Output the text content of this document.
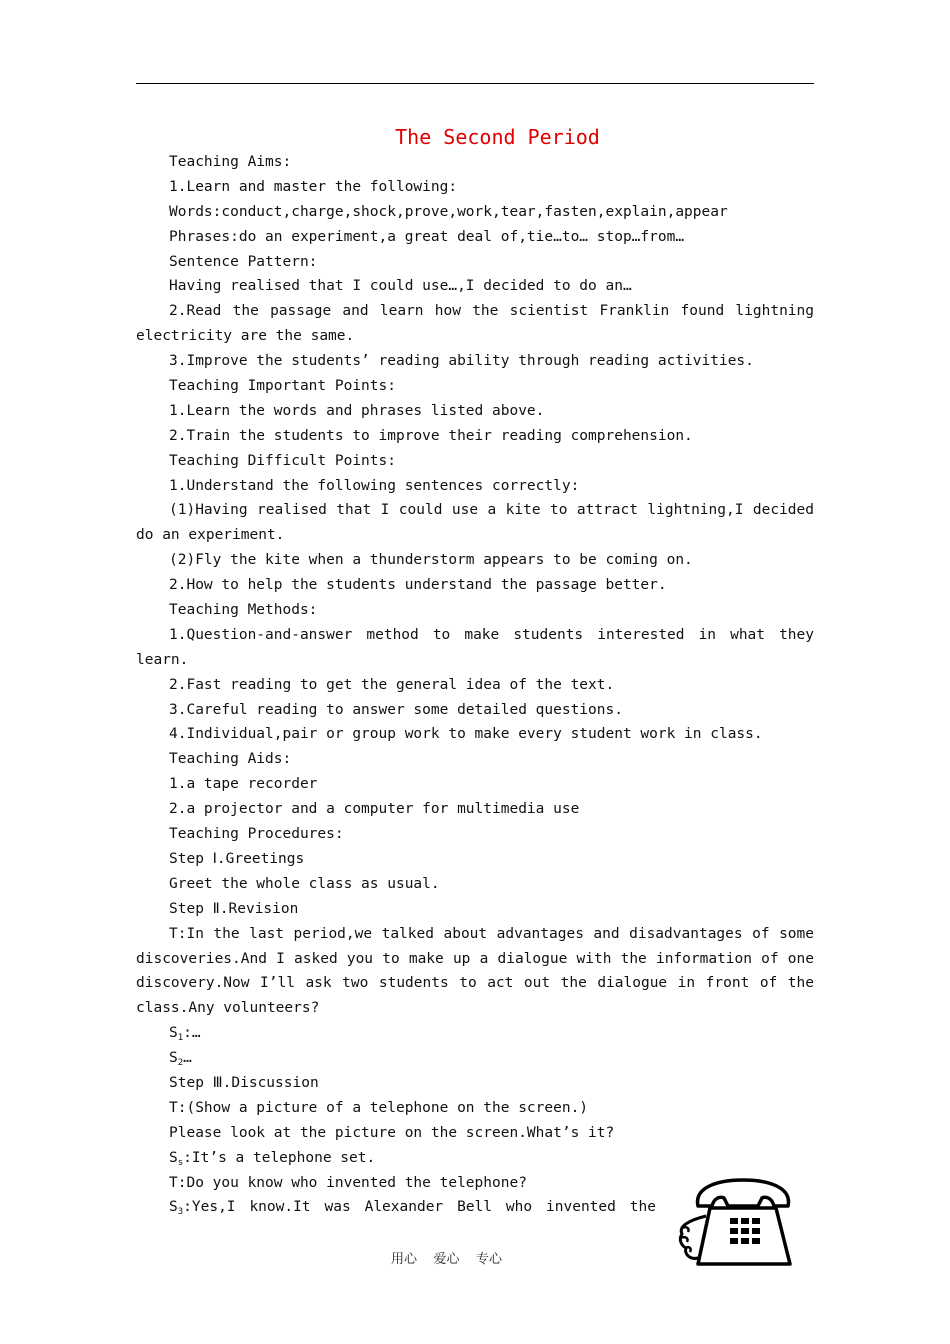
The Second Period
Teaching Aims:
1.Learn and master the following:
Words:conduct,charge,shock,prove,work,tear,fasten,explain,appear
Phrases:do an experiment,a great deal of,tie…to… stop…from…
Sentence Pattern:
Having realised that I could use…,I decided to do an…
2.Read the passage and learn how the scientist Franklin found lightning
electricity are the same.
3.Improve the students’ reading ability through reading activities.
Teaching Important Points:
1.Learn the words and phrases listed above.
2.Train the students to improve their reading comprehension.
Teaching Difficult Points:
1.Understand the following sentences correctly:
(1)Having realised that I could use a kite to attract lightning,I decided
do an experiment.
(2)Fly the kite when a thunderstorm appears to be coming on.
2.How to help the students understand the passage better.
Teaching Methods:
1.Question-and-answer method to make students interested in what they
learn.
2.Fast reading to get the general idea of the text.
3.Careful reading to answer some detailed questions.
4.Individual,pair or group work to make every student work in class.
Teaching Aids:
1.a tape recorder
2.a projector and a computer for multimedia use
Teaching Procedures:
Step Ⅰ.Greetings
Greet the whole class as usual.
Step Ⅱ.Revision
T:In the last period,we talked about advantages and disadvantages of some
discoveries.And I asked you to make up a dialogue with the information of one
discovery.Now I’ll ask two students to act out the dialogue in front of the
class.Any volunteers?
$S_1:\dots$
$S_2\dots$
Step Ⅲ.Discussion
T:(Show a picture of a telephone on the screen.)
Please look at the picture on the screen.What’s it?
$S_s:It’s$ a telephone set.
T:Do you know who invented the telephone?
$S_3:Yes,I$ know.It was Alexander Bell who invented the
用心    爱心    专心
